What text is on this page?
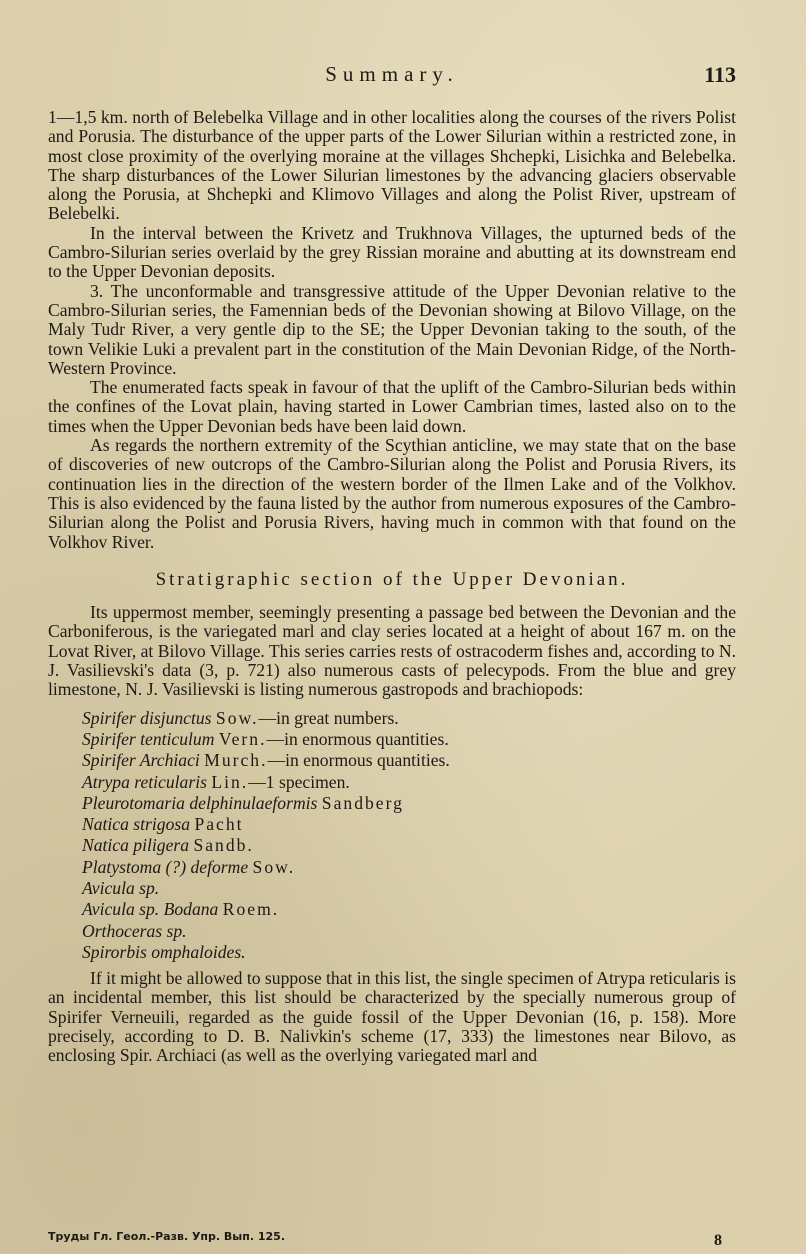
Summary.	113

1—1,5 km. north of Belebelka Village and in other localities along the courses of the rivers Polist and Porusia. The disturbance of the upper parts of the Lower Silurian within a restricted zone, in most close proximity of the overlying moraine at the villages Shchepki, Lisichka and Belebelka. The sharp disturbances of the Lower Silurian limestones by the advancing glaciers observable along the Porusia, at Shchepki and Klimovo Villages and along the Polist River, upstream of Belebelki.

In the interval between the Krivetz and Trukhnova Villages, the upturned beds of the Cambro-Silurian series overlaid by the grey Rissian moraine and abutting at its downstream end to the Upper Devonian deposits.

3. The unconformable and transgressive attitude of the Upper Devonian relative to the Cambro-Silurian series, the Famennian beds of the Devonian showing at Bilovo Village, on the Maly Tudr River, a very gentle dip to the SE; the Upper Devonian taking to the south, of the town Velikie Luki a prevalent part in the constitution of the Main Devonian Ridge, of the North-Western Province.

The enumerated facts speak in favour of that the uplift of the Cambro-Silurian beds within the confines of the Lovat plain, having started in Lower Cambrian times, lasted also on to the times when the Upper Devonian beds have been laid down.

As regards the northern extremity of the Scythian anticline, we may state that on the base of discoveries of new outcrops of the Cambro-Silurian along the Polist and Porusia Rivers, its continuation lies in the direction of the western border of the Ilmen Lake and of the Volkhov. This is also evidenced by the fauna listed by the author from numerous exposures of the Cambro-Silurian along the Polist and Porusia Rivers, having much in common with that found on the Volkhov River.

Stratigraphic section of the Upper Devonian.

Its uppermost member, seemingly presenting a passage bed between the Devonian and the Carboniferous, is the variegated marl and clay series located at a height of about 167 m. on the Lovat River, at Bilovo Village. This series carries rests of ostracoderm fishes and, according to N. J. Vasilievski's data (3, p. 721) also numerous casts of pelecypods. From the blue and grey limestone, N. J. Vasilievski is listing numerous gastropods and brachiopods:

Spirifer disjunctus Sow.—in great numbers.
Spirifer tenticulum Vern.—in enormous quantities.
Spirifer Archiaci Murch.—in enormous quantities.
Atrypa reticularis Lin.—1 specimen.
Pleurotomaria delphinulaeformis Sandberg
Natica strigosa Pacht
Natica piligera Sandb.
Platystoma (?) deforme Sow.
Avicula sp.
Avicula sp. Bodana Roem.
Orthoceras sp.
Spirorbis omphaloides.

If it might be allowed to suppose that in this list, the single specimen of Atrypa reticularis is an incidental member, this list should be characterized by the specially numerous group of Spirifer Verneuili, regarded as the guide fossil of the Upper Devonian (16, p. 158). More precisely, according to D. B. Nalivkin's scheme (17, 333) the limestones near Bilovo, as enclosing Spir. Archiaci (as well as the overlying variegated marl and

Труды Гл. Геол.-Разв. Упр. Вып. 125.	8
